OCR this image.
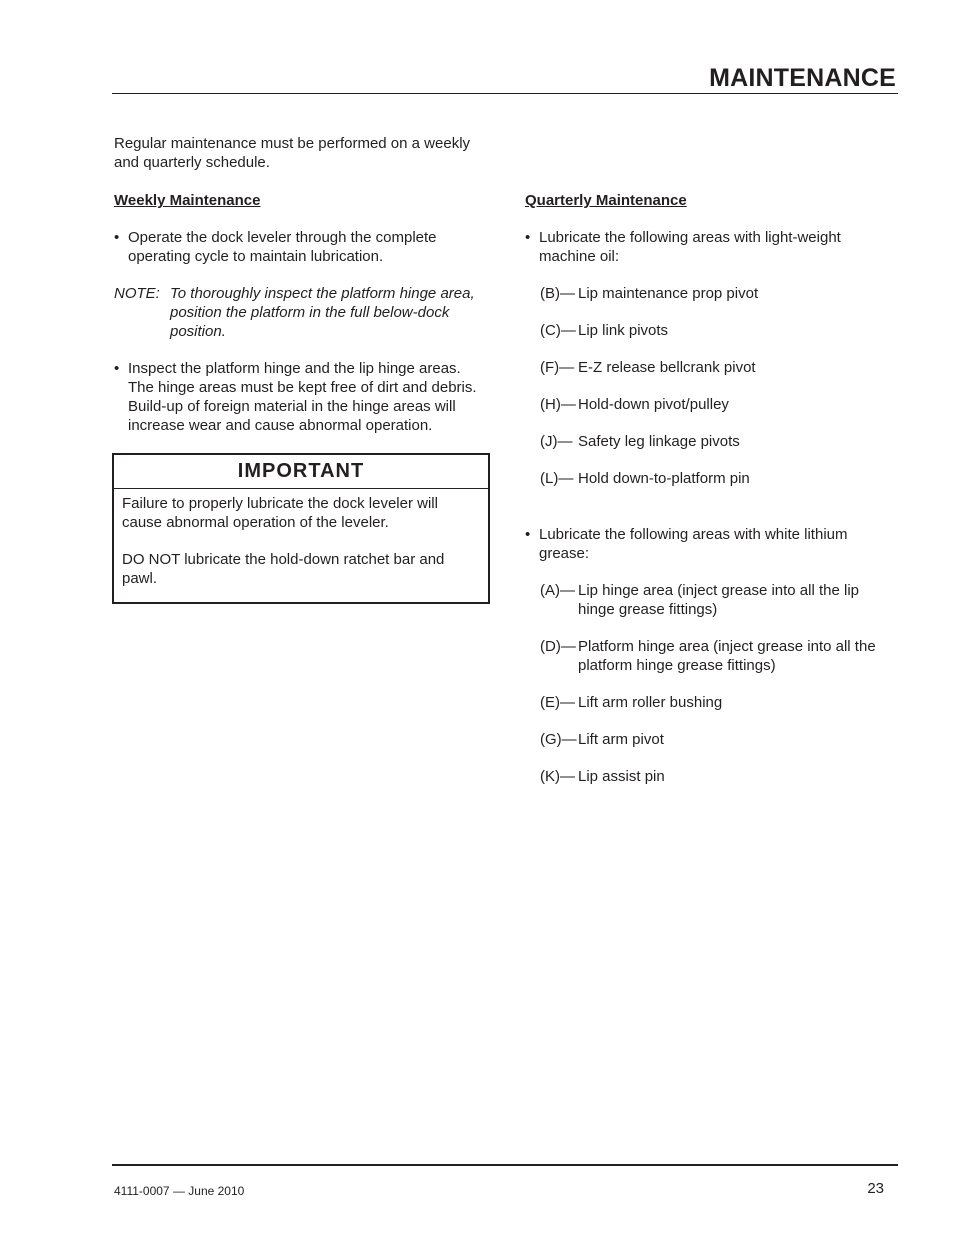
MAINTENANCE

Regular maintenance must be performed on a weekly and quarterly schedule.

Weekly Maintenance

• Operate the dock leveler through the complete operating cycle to maintain lubrication.
NOTE: To thoroughly inspect the platform hinge area, position the platform in the full below-dock position.
• Inspect the platform hinge and the lip hinge areas. The hinge areas must be kept free of dirt and debris. Build-up of foreign material in the hinge areas will increase wear and cause abnormal operation.
IMPORTANT

Failure to properly lubricate the dock leveler will cause abnormal operation of the leveler.

DO NOT lubricate the hold-down ratchet bar and pawl.

Quarterly Maintenance

• Lubricate the following areas with light-weight machine oil:
(B)— Lip maintenance prop pivot
(C)— Lip link pivots
(F)— E-Z release bellcrank pivot
(H)— Hold-down pivot/pulley
(J)— Safety leg linkage pivots
(L)— Hold down-to-platform pin
• Lubricate the following areas with white lithium grease:
(A)— Lip hinge area (inject grease into all the lip hinge grease fittings)
(D)— Platform hinge area (inject grease into all the platform hinge grease fittings)
(E)— Lift arm roller bushing
(G)— Lift arm pivot
(K)— Lip assist pin
4111-0007 — June 2010	23
